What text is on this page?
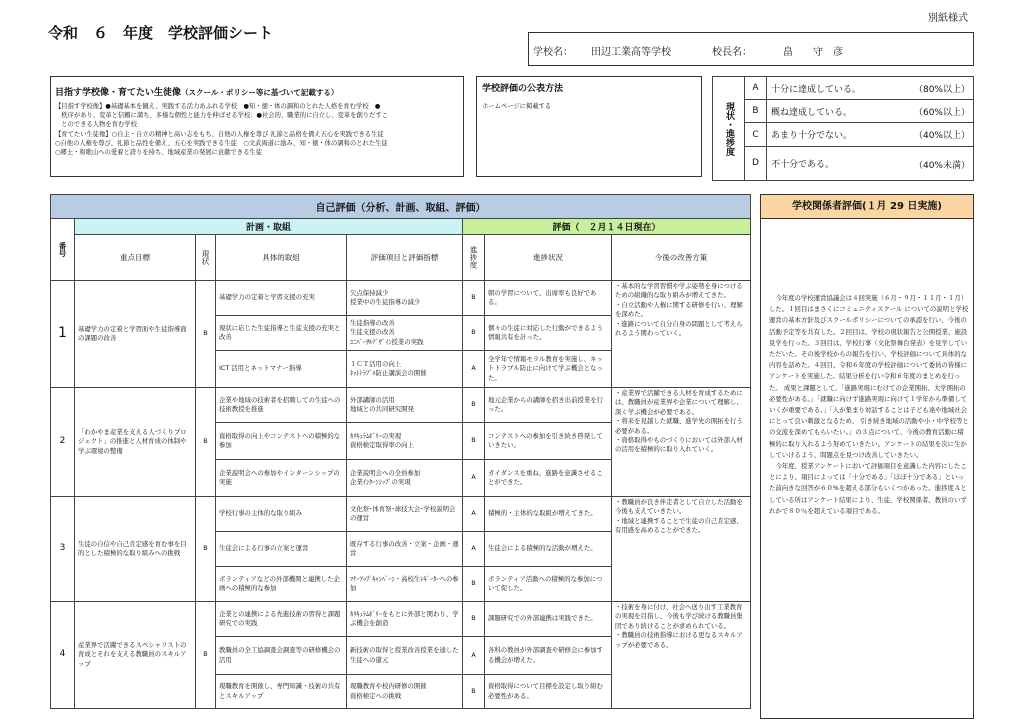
別紙様式
令和　６　年度　学校評価シート
学校名： 田辺工業高等学校	校長名：	畠　　守　彦
目指す学校像・育てたい生徒像（スクール・ポリシー等に基づいて記載する）
【目指す学校像】●基礎基本を観え、実践する活力あふれる学校　●知・徳・体の調和のとれた人格を育む学校　●
　秩序があり、変革と信頼に満ち、多様な個性と能力を伸ばせる学校：●社会的、職業的に自立し、変革を創りだすこ
　とのできる人物を育む学校
【育てたい生徒像】○自主・自立の精神と高い志をもち、自他の人権を尊び 礼節と品格を備え五心を実践できる生徒
○自他の人権を尊び、礼節と品性を備え、五心を実践できる生徒　○文武両道に励み、知・徳・体の調和のとれた生徒
○郷土・和歌山への愛着と誇りを持ち、地域産業の発展に貢献できる生徒
学校評価の公表方法
ホームページに掲載する	現状・進捗度	A	十分に達成している。 （80%以上）

	B	概ね達成している。 （60%以上）

	C	あまり十分でない。 （40%以上）

	D	不十分である。 （40%未満）
自己評価（分析、計画、取組、評価）							

番号	計画・取組				評価（　２月１４日現在）		
	重点目標	現状	具体的取組	評価項目と評価指標	進捗度	進捗状況	今後の改善方策
1	基礎学力の定着と学習面や生徒指導面の課題の改善	B	基礎学力の定着と学習支援の充実	欠点保持減少
授業中の生徒指導の減少	B	朝の学習について、出席率も良好である。	・基本的な学習習慣や学ぶ姿勢を身につけるための組織的な取り組みが増えてきた。
・自立活動や人権に関する研修を行い、理解を深めた。
・進路について自分自身の問題として考えられるよう関わっていく。
			現状に応じた生徒指導と生徒支援の充実と改善	生徒指導の改善
生徒支援の改善
ﾕﾆﾊﾞｰｻﾙﾃﾞｻﾞｲﾝ授業の実践	B	個々の生徒に対応した行動ができるよう情報共有を計った。	
			ICT 活用とネットマナー指導	ＩＣＴ活用の向上
ﾈｯﾄﾄﾗﾌﾞﾙ防止講演会の開催	A	全学年で情報モラル教育を実施し、ネットトラブル防止に向けて学ぶ機会となった。	
2	「わかやま産業を支える人づくりプロジェクト」の推進と人材育成の体制や学ぶ環境の整備	B	企業や地域の技術者を招聘しての生徒への技術教授を推進	外部講師の活用
地域との共同研究開発	B	地元企業からの講師を招き出前授業を行った。	・産業界で活躍できる人材を育成するためには、教職員が産業界や企業について理解し、深く学ぶ機会が必要である。
・将来を見越した就職、進学先の開拓を行う必要がある。
・資格取得やものづくりにおいては外部人材の活用を積極的に取り入れていく。
			資格取得の向上やコンテストへの積極的な参加	ｶﾘｷｭﾗﾑﾎﾞﾘｰの実現
資格検定取得率の向上	B	コンテストへの参加を引き続き啓発していきたい。	
			企業説明会への参加やインターンシップの実施	企業説明会への全員参加
企業ｲﾝﾀｰﾝｼｯﾌﾟの実現	A	ガイダンスを重ね、進路を意識させることができた。	
3	生徒の自信や自己肯定感を育む事を目的とした積極的な取り組みへの挑戦	B	学校行事の主体的な取り組み	文化祭･体育祭･球技大会･学校説明会の運営	A	積極的・主体的な取組が増えてきた。	・教職員が良き伴走者として自立した活動を今後も支えていきたい。
・地域と連携することで生徒の自己肯定感、有用感を高めることができた。
			生徒会による行事の立案と運営	既存する行事の改善・立案・企画・運営	A	生徒会による積極的な活動が増えた。	
			ボランティアなどの外部機関と連携した企画への積極的な参加	ﾏﾅｰｱｯﾌﾟｷｬﾝﾍﾟｰﾝ・高校生ﾚｷﾞｰﾀｰへの参加	B	ボランティア活動への積極的な参加について促した。	
4	産業界で活躍できるスペシャリストの育成とそれを支える教職員のスキルアップ	B	企業との連携による先進技術の習得と課題研究での実践	ｶﾘｷｭﾗﾑﾎﾞﾘｰをもとに外部と関わり、学ぶ機会を創造	B	課題研究での外部連携は実践できた。	・技術を身に付け、社会へ送り出す工業教育の実現を目指し、今後も学び続ける教職員集団であり続けることが求められている。
・教職員の技術指導における更なるスキルアップが必要である。
			教職員の全工協調査会調査等の研修機会の活用	新技術の取得と授業改善授業を通した生徒への還元	A	各科の教員が外部調査や研修会に参加する機会が増えた。	
			現職教育を開催し、専門知識・技術の共有とスキルアップ	現職教育や校内研修の開催
資格検定への挑戦	B	資格取得について目標を設定し取り組む必要性がある。	
学校関係者評価(１月 29 日実施)
　今年度の学校運営協議会は４回実施（６月・９月・１１月・１月）した。１回目はまさくにコミュニティスクール についての説明と学校運営の基本方針及びスクールポリシーについての承認を行い、今後の活動予定等を共有した。２回目は、学校の現状報告と公開授業、施設見学を行った。３回目は、学校行事（文化祭舞台発表）を見学していただいた。その後学校からの報告を行い、学校評価について具体的な内容を話めた。４回目、令和６年度の学校評価について委員の皆様にアンケートを実施した。結果分析を行い令和６年度のまとめを行った。 成果と課題として、「進路実現にむけての企業開拓、大学開拓の必要性がある。」「就職に向けず進路実現に向けて１学年から準備していくが重要である。」「人が集まり対話することは子ども達や地域社会にとって良い刺激となるため、 引き続き地域の活動や小・中学校等との交流を深めてもらいたい。」の３点について、今後の教育活動に積極的に取り入れるよう努めていきたい。アンケートの結果を次に生かしていけるよう、問題点を見つけ改善していきたい。
　今年度、授業アンケートにおいて評価項目を意識した内容にしたことにより、項目によっては「十分である」「ほぼ十分である」といった前向きな回答が６０%を超える部分もいくつかあった。進捗度Ａとしている所はアンケート結果により、生徒、学校関係者、教員のいずれかで８０％を超えている項目である。
